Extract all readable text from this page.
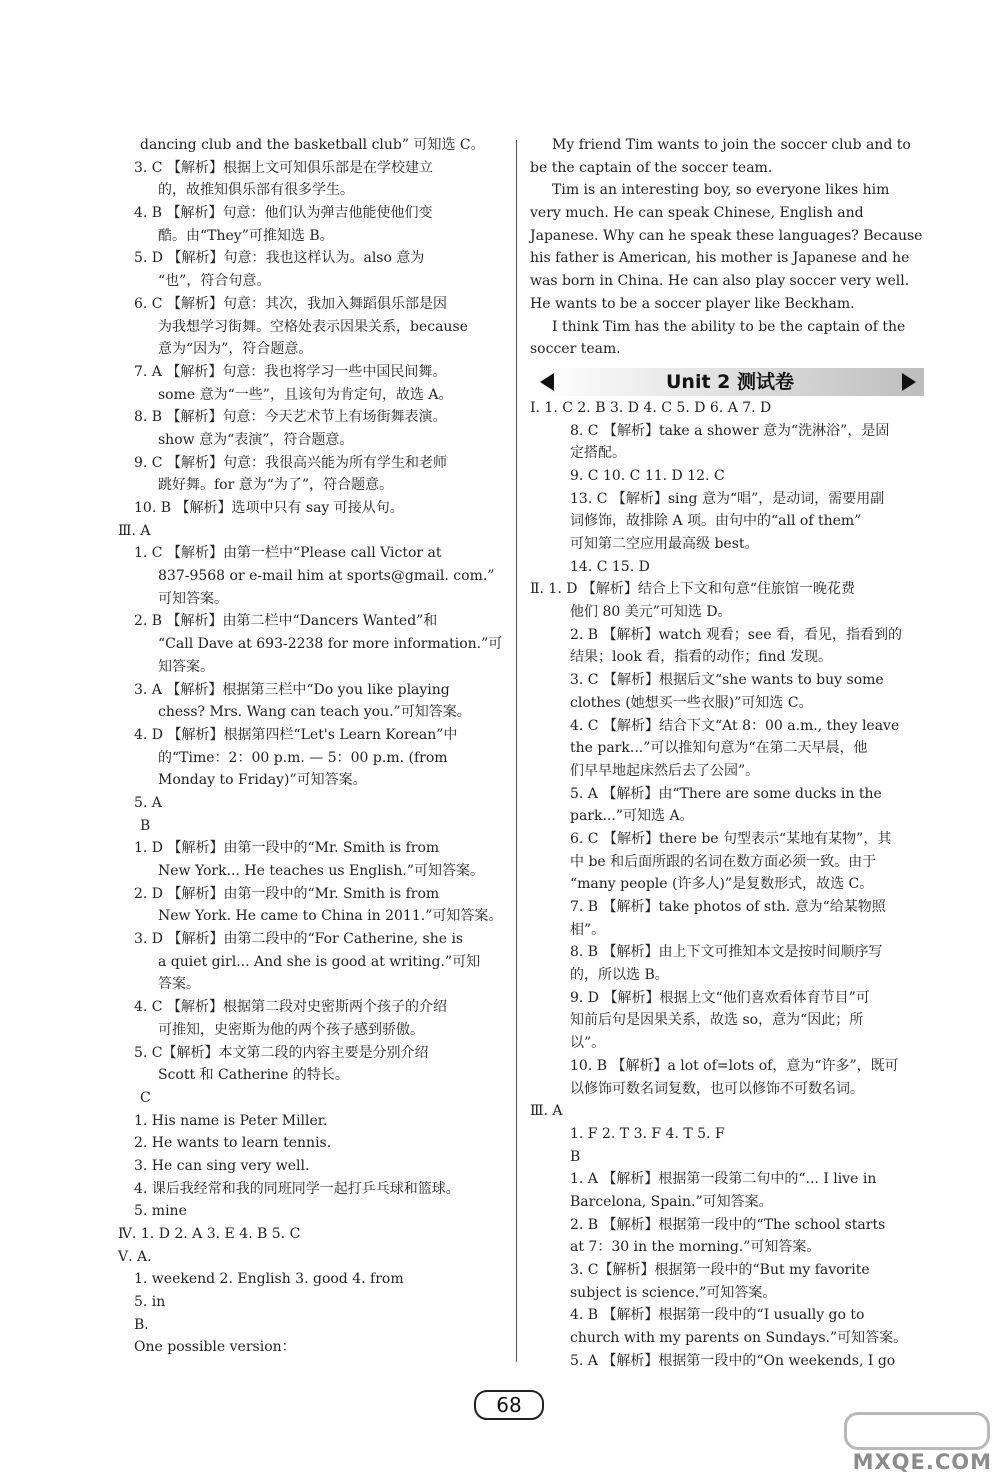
dancing club and the basketball club” 可知选 C。
3. C 【解析】根据上文可知俱乐部是在学校建立
的，故推知俱乐部有很多学生。
4. B 【解析】句意：他们认为弹吉他能使他们变
酷。由“They”可推知选 B。
5. D 【解析】句意：我也这样认为。also 意为
“也”，符合句意。
6. C 【解析】句意：其次，我加入舞蹈俱乐部是因
为我想学习街舞。空格处表示因果关系，because
意为“因为”，符合题意。
7. A 【解析】句意：我也将学习一些中国民间舞。
some 意为“一些”，且该句为肯定句，故选 A。
8. B 【解析】句意：今天艺术节上有场街舞表演。
show 意为“表演”，符合题意。
9. C 【解析】句意：我很高兴能为所有学生和老师
跳好舞。for 意为“为了”，符合题意。
10. B 【解析】选项中只有 say 可接从句。
Ⅲ. A
1. C 【解析】由第一栏中“Please call Victor at
837-9568 or e-mail him at sports@gmail. com.”
可知答案。
2. B 【解析】由第二栏中“Dancers Wanted”和
“Call Dave at 693-2238 for more information.”可
知答案。
3. A 【解析】根据第三栏中“Do you like playing
chess? Mrs. Wang can teach you.”可知答案。
4. D 【解析】根据第四栏“Let's Learn Korean”中
的“Time：2：00 p.m. — 5：00 p.m. (from
Monday to Friday)”可知答案。
5. A
B
1. D 【解析】由第一段中的“Mr. Smith is from
New York... He teaches us English.”可知答案。
2. D 【解析】由第一段中的“Mr. Smith is from
New York. He came to China in 2011.”可知答案。
3. D 【解析】由第二段中的“For Catherine, she is
a quiet girl... And she is good at writing.”可知
答案。
4. C 【解析】根据第二段对史密斯两个孩子的介绍
可推知，史密斯为他的两个孩子感到骄傲。
5. C【解析】本文第二段的内容主要是分别介绍
Scott 和 Catherine 的特长。
C
1. His name is Peter Miller.
2. He wants to learn tennis.
3. He can sing very well.
4. 课后我经常和我的同班同学一起打乒乓球和篮球。
5. mine
Ⅳ. 1. D 2. A 3. E 4. B 5. C
Ⅴ. A.
1. weekend 2. English 3. good 4. from
5. in
B.
One possible version：
My friend Tim wants to join the soccer club and to
be the captain of the soccer team.
Tim is an interesting boy, so everyone likes him
very much. He can speak Chinese, English and
Japanese. Why can he speak these languages? Because
his father is American, his mother is Japanese and he
was born in China. He can also play soccer very well.
He wants to be a soccer player like Beckham.
I think Tim has the ability to be the captain of the
soccer team.
Ⅰ. 1. C 2. B 3. D 4. C 5. D 6. A 7. D
8. C 【解析】take a shower 意为“洗淋浴”，是固
定搭配。
9. C 10. C 11. D 12. C
13. C 【解析】sing 意为“唱”，是动词，需要用副
词修饰，故排除 A 项。由句中的“all of them”
可知第二空应用最高级 best。
14. C 15. D
Ⅱ. 1. D 【解析】结合上下文和句意“住旅馆一晚花费
他们 80 美元”可知选 D。
2. B 【解析】watch 观看；see 看，看见，指看到的
结果；look 看，指看的动作；find 发现。
3. C 【解析】根据后文“she wants to buy some
clothes (她想买一些衣服)”可知选 C。
4. C 【解析】结合下文“At 8：00 a.m., they leave
the park...”可以推知句意为“在第二天早晨，他
们早早地起床然后去了公园”。
5. A 【解析】由“There are some ducks in the
park...”可知选 A。
6. C 【解析】there be 句型表示“某地有某物”，其
中 be 和后面所跟的名词在数方面必须一致。由于
“many people (许多人)”是复数形式，故选 C。
7. B 【解析】take photos of sth. 意为“给某物照
相”。
8. B 【解析】由上下文可推知本文是按时间顺序写
的，所以选 B。
9. D 【解析】根据上文“他们喜欢看体育节目”可
知前后句是因果关系，故选 so，意为“因此；所
以”。
10. B 【解析】a lot of=lots of，意为“许多”，既可
以修饰可数名词复数，也可以修饰不可数名词。
Ⅲ. A
1. F 2. T 3. F 4. T 5. F
B
1. A 【解析】根据第一段第二句中的“... I live in
Barcelona, Spain.”可知答案。
2. B 【解析】根据第一段中的“The school starts
at 7：30 in the morning.”可知答案。
3. C【解析】根据第一段中的“But my favorite
subject is science.”可知答案。
4. B 【解析】根据第一段中的“I usually go to
church with my parents on Sundays.”可知答案。
5. A 【解析】根据第一段中的“On weekends, I go
Unit 2 测试卷
68
MXQE.COM
